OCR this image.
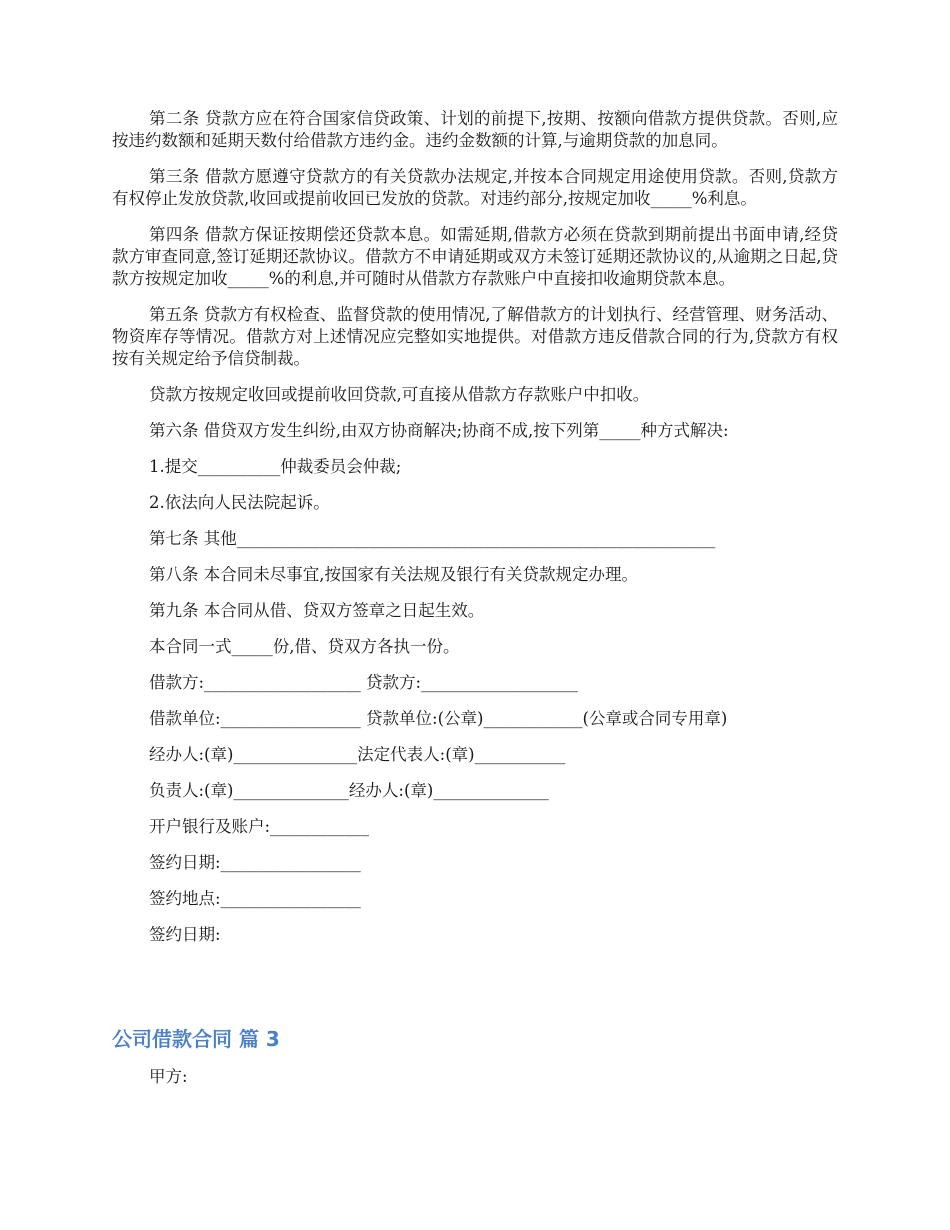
第二条 贷款方应在符合国家信贷政策、计划的前提下,按期、按额向借款方提供贷款。否则,应按违约数额和延期天数付给借款方违约金。违约金数额的计算,与逾期贷款的加息同。

第三条 借款方愿遵守贷款方的有关贷款办法规定,并按本合同规定用途使用贷款。否则,贷款方有权停止发放贷款,收回或提前收回已发放的贷款。对违约部分,按规定加收_____%利息。

第四条 借款方保证按期偿还贷款本息。如需延期,借款方必须在贷款到期前提出书面申请,经贷款方审查同意,签订延期还款协议。借款方不申请延期或双方未签订延期还款协议的,从逾期之日起,贷款方按规定加收_____%的利息,并可随时从借款方存款账户中直接扣收逾期贷款本息。

第五条 贷款方有权检查、监督贷款的使用情况,了解借款方的计划执行、经营管理、财务活动、物资库存等情况。借款方对上述情况应完整如实地提供。对借款方违反借款合同的行为,贷款方有权按有关规定给予信贷制裁。

贷款方按规定收回或提前收回贷款,可直接从借款方存款账户中扣收。

第六条 借贷双方发生纠纷,由双方协商解决;协商不成,按下列第_____种方式解决:

1.提交__________仲裁委员会仲裁;

2.依法向人民法院起诉。

第七条 其他__________________________________________________________

第八条 本合同未尽事宜,按国家有关法规及银行有关贷款规定办理。

第九条 本合同从借、贷双方签章之日起生效。

本合同一式_____份,借、贷双方各执一份。

借款方:___________________ 贷款方:___________________

借款单位:_________________ 贷款单位:(公章)____________(公章或合同专用章)

经办人:(章)_______________法定代表人:(章)___________

负责人:(章)______________经办人:(章)______________

开户银行及账户:____________

签约日期:_________________

签约地点:_________________

签约日期:

公司借款合同 篇 3

甲方:
